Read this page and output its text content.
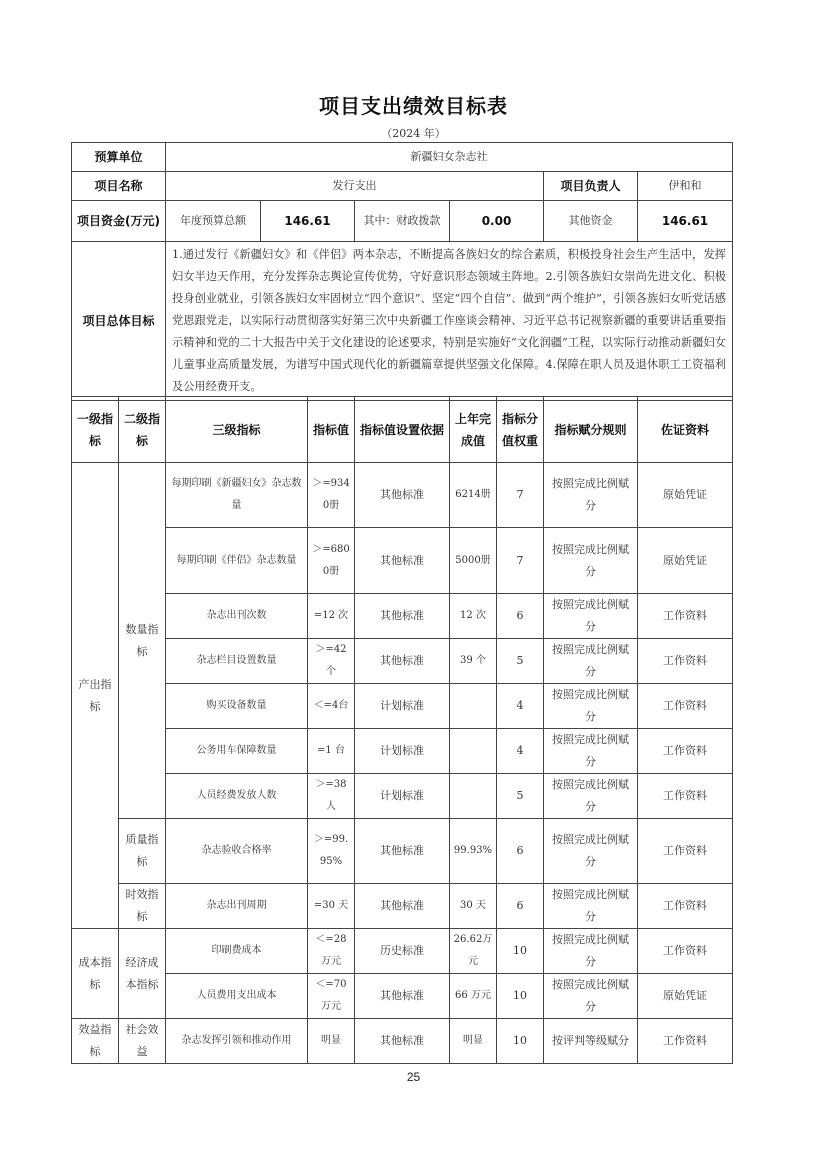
项目支出绩效目标表
（2024 年）
预算单位	新疆妇女杂志社					
项目名称	发行支出				项目负责人	伊和和
项目资金(万元)	年度预算总额	146.61	其中：财政拨款	0.00	其他资金	146.61
项目总体目标	1.通过发行《新疆妇女》和《伴侣》两本杂志，不断提高各族妇女的综合素质，积极投身社会生产生活中，发挥妇女半边天作用，充分发挥杂志舆论宣传优势，守好意识形态领域主阵地。2.引领各族妇女崇尚先进文化、积极投身创业就业，引领各族妇女牢固树立“四个意识”、坚定“四个自信”、做到“两个维护”，引领各族妇女听党话感党恩跟党走，以实际行动贯彻落实好第三次中央新疆工作座谈会精神、习近平总书记视察新疆的重要讲话重要指示精神和党的二十大报告中关于文化建设的论述要求，特别是实施好“文化润疆”工程，以实际行动推动新疆妇女儿童事业高质量发展，为谱写中国式现代化的新疆篇章提供坚强文化保障。4.保障在职人员及退休职工工资福利及公用经费开支。					
一级指标	二级指标	三级指标	指标值	指标值设置依据	上年完成值	指标分值权重	指标赋分规则	佐证资料
产出指标	数量指标	每期印刷《新疆妇女》杂志数量	＞=9340册	其他标准	6214册	7	按照完成比例赋分	原始凭证
		每期印刷《伴侣》杂志数量	＞=6800册	其他标准	5000册	7	按照完成比例赋分	原始凭证
		杂志出刊次数	=12 次	其他标准	12 次	6	按照完成比例赋分	工作资料
		杂志栏目设置数量	＞=42个	其他标准	39 个	5	按照完成比例赋分	工作资料
		购买设备数量	＜=4台	计划标准		4	按照完成比例赋分	工作资料
		公务用车保障数量	=1 台	计划标准		4	按照完成比例赋分	工作资料
		人员经费发放人数	＞=38人	计划标准		5	按照完成比例赋分	工作资料
	质量指标	杂志验收合格率	＞=99.95%	其他标准	99.93%	6	按照完成比例赋分	工作资料
	时效指标	杂志出刊周期	=30 天	其他标准	30 天	6	按照完成比例赋分	工作资料
成本指标	经济成本指标	印刷费成本	＜=28万元	历史标准	26.62万元	10	按照完成比例赋分	工作资料
		人员费用支出成本	＜=70万元	其他标准	66 万元	10	按照完成比例赋分	原始凭证
效益指标	社会效益	杂志发挥引领和推动作用	明显	其他标准	明显	10	按评判等级赋分	工作资料
25
